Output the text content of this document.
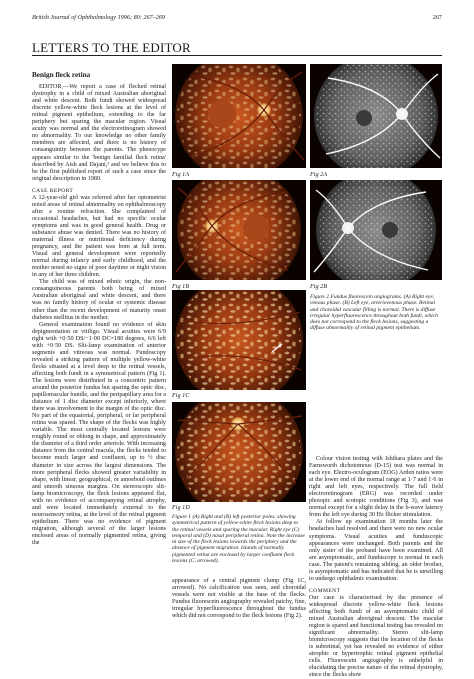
British Journal of Ophthalmology 1996; 80: 267–269	267
LETTERS TO THE EDITOR

Benign fleck retina

EDITOR,—We report a case of flecked retinal dystrophy in a child of mixed Australian aboriginal and white descent. Both fundi showed widespread discrete yellow-white fleck lesions at the level of retinal pigment epithelium, extending to the far periphery but sparing the macular region. Visual acuity was normal and the electroretinogram showed no abnormality. To our knowledge no other family members are affected, and there is no history of consanguinity between the parents. The phenocype appears similar to the 'benign familial fleck retina' described by Aish and Dajani,¹ and we believe this to be the first published report of such a case since the original description in 1980.

CASE REPORT

A 12-year-old girl was referred after her optometrist noted areas of retinal abnormality on ophthalmoscopy after a routine refraction. She complained of occasional headaches, but had no specific ocular symptoms and was in good general health. Drug or substance abuse was denied. There was no history of maternal illness or nutritional deficiency during pregnancy, and the patient was born at full term. Visual and general development were reportedly normal during infancy and early childhood, and the mother noted no signs of poor daytime or night vision in any of her three children.

The child was of mixed ethnic origin, the non-consanguineous parents both being of mixed Australian aboriginal and white descent, and there was no family history of ocular or systemic disease other than the recent development of maturity onset diabetes mellitus in the mother.

General examination found no evidence of skin depigmentation or vitiligo. Visual acuities were 6/9 right with +0·50 DS/−1·00 DC×180 degrees, 6/6 left with +0·50 DS. Slit-lamp examination of anterior segments and vitreous was normal. Fundoscopy revealed a striking pattern of multiple yellow-white flecks situated at a level deep to the retinal vessels, affecting both fundi in a symmetrical pattern (Fig 1). The lesions were distributed in a concentric pattern around the posterior fundus but sparing the optic disc, papillomacular bundle, and the peripapillary area for a distance of 1 disc diameter except inferiorly, where there was involvement to the margin of the optic disc. No part of the equatorial, peripheral, or far peripheral retina was spared. The shape of the flecks was highly variable. The most centrally located lesions were roughly round or oblong in shape, and approximately the diameter of a third order arteriole. With increasing distance from the central macula, the flecks tended to become much larger and confluent, up to ½ disc diameter in size across the largest dimensions. The more peripheral flecks showed greater variability in shape, with linear, geographical, or amoeboid outlines and smooth sinuous margins. On stereoscopic slit-lamp biomicroscopy, the fleck lesions appeared flat, with no evidence of accompanying retinal atrophy, and were located immediately external to the neurosensory retina, at the level of the retinal pigment epithelium. There was no evidence of pigment migration, although several of the larger lesions enclosed areas of normally pigmented retina, giving the

Fig 1A	Fig 2A
Fig 1B	Fig 2B
Figure 2 Fundus fluorescein angiograms. (A) Right eye, venous phase. (B) Left eye, arteriovenous phase. Retinal and choroidal vascular filling is normal. There is diffuse irregular hyperfluorescence throughout both fundi, which does not correspond to the fleck lesions, suggesting a diffuse abnormality of retinal pigment epithelium.
Fig 1C
Fig 1D
Figure 1 (A) Right and (B) left posterior poles, showing symmetrical pattern of yellow-white fleck lesions deep to the retinal vessels and sparing the macular. Right eye (C) temporal and (D) nasal peripheral retina. Note the increase in size of the fleck lesions towards the periphery and the absence of pigment migration. Islands of normally pigmented retina are enclosed by larger confluent fleck lesions (C, arrowed).
appearance of a central pigment clump (Fig 1C, arrowed). No calcification was seen, and choroidal vessels were not visible at the base of the flecks. Fundus fluorescein angiography revealed patchy, fine, irregular hyperfluorescence throughout the fundus which did not correspond to the fleck lesions (Fig 2).

Colour vision testing with Ishihara plates and the Farnsworth dichotomous (D-15) test was normal in each eye. Electro-oculogram (EOG) Arden ratios were at the lower end of the normal range at 1·7 and 1·6 in right and left eyes, respectively. The full field electroretinogram (ERG) was recorded under photopic and scotopic conditions (Fig 3), and was normal except for a slight delay in the b-wave latency from the left eye during 30 Hz flicker stimulation.

At follow up examination 18 months later the headaches had resolved and there were no new ocular symptoms. Visual acuities and funduscopic appearances were unchanged. Both parents and the only sister of the proband have been examined. All are asymptomatic, and funduscopy is normal in each case. The patent's remaining sibling, an older brother, is asymptomatic and has indicated that he is unwilling to undergo ophthalmic examination.

COMMENT

Our case is characterised by the presence of widespread discrete yellow-white fleck lesions affecting both fundi of an asymptomatic child of mixed Australian aboriginal descent. The macular region is spared and functional testing has revealed no significant abnormality. Stereo slit-lamp biomicroscopy suggests that the location of the flecks is subretinal, yet has revealed no evidence of either atrophic or hypertrophic retinal pigment epithelial cells. Fluorescein angiography is unhelpful in elucidating the precise nature of the retinal dystrophy, since the flecks show
